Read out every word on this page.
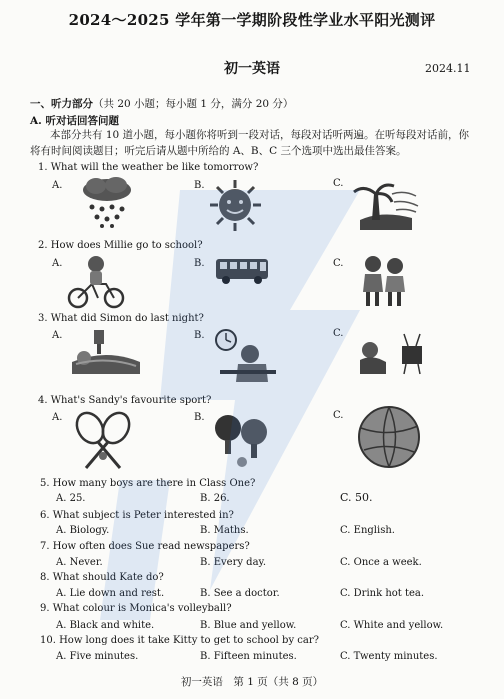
2024～2025 学年第一学期阶段性学业水平阳光测评
初一英语	2024.11
一、听力部分（共 20 小题；每小题 1 分，满分 20 分）
A. 听对话回答问题
本部分共有 10 道小题，每小题你将听到一段对话，每段对话听两遍。在听每段对话前，你
将有时间阅读题目；听完后请从题中所给的 A、B、C 三个选项中选出最佳答案。
1. What will the weather be like tomorrow?
A.	B.	C.
2. How does Millie go to school?
A.	B.	C.
3. What did Simon do last night?
A.	B.	C.
4. What's Sandy's favourite sport?
A.	B.	C.
5. How many boys are there in Class One?
A. 25.	B. 26.	C. 50.
6. What subject is Peter interested in?
A. Biology.	B. Maths.	C. English.
7. How often does Sue read newspapers?
A. Never.	B. Every day.	C. Once a week.
8. What should Kate do?
A. Lie down and rest.	B. See a doctor.	C. Drink hot tea.
9. What colour is Monica's volleyball?
A. Black and white.	B. Blue and yellow.	C. White and yellow.
10. How long does it take Kitty to get to school by car?
A. Five minutes.	B. Fifteen minutes.	C. Twenty minutes.
初一英语　第 1 页（共 8 页）
